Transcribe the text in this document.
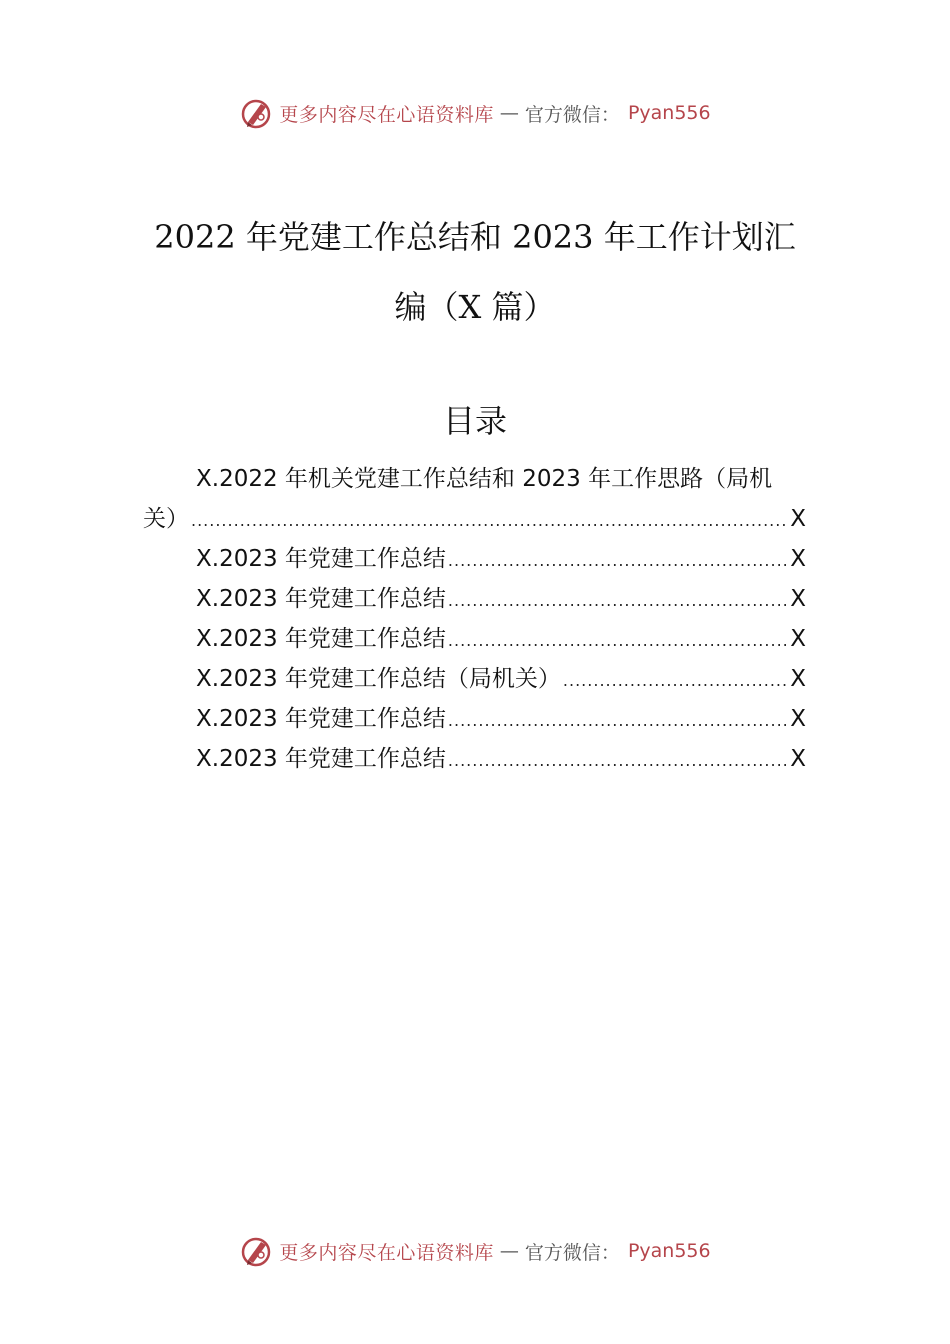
更多内容尽在心语资料库 — 官方微信： Pyan556
2022 年党建工作总结和 2023 年工作计划汇
编（X 篇）
目录
X.2022 年机关党建工作总结和 2023 年工作思路（局机
关） .....	X
X.2023 年党建工作总结 .....	X
X.2023 年党建工作总结 .....	X
X.2023 年党建工作总结 .....	X
X.2023 年党建工作总结（局机关） .....	X
X.2023 年党建工作总结 .....	X
X.2023 年党建工作总结 .....	X
更多内容尽在心语资料库 — 官方微信： Pyan556
